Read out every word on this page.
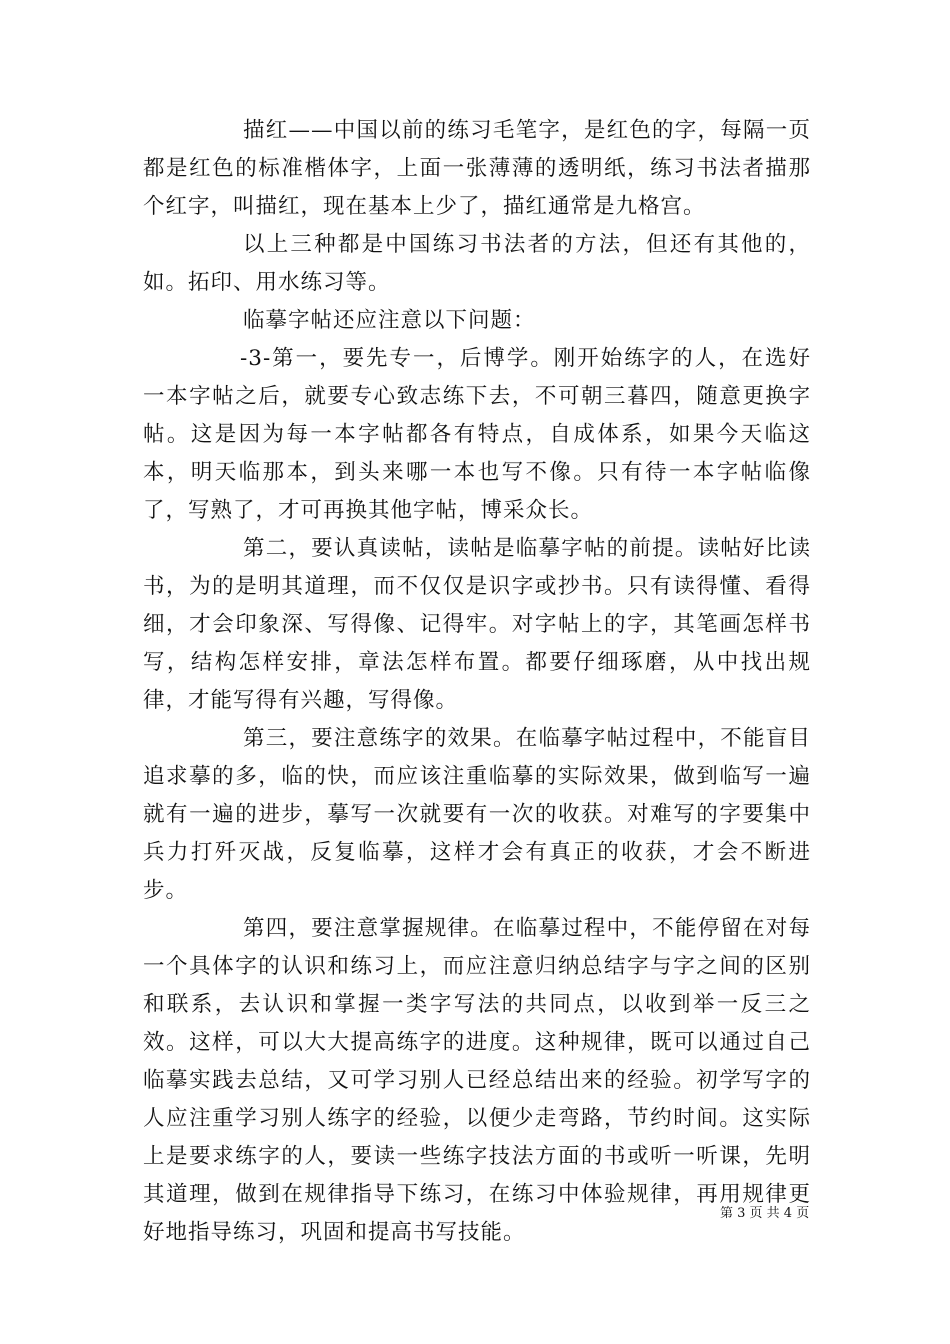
描红——中国以前的练习毛笔字，是红色的字，每隔一页都是红色的标准楷体字，上面一张薄薄的透明纸，练习书法者描那个红字，叫描红，现在基本上少了，描红通常是九格宫。

以上三种都是中国练习书法者的方法，但还有其他的，如。拓印、用水练习等。

临摹字帖还应注意以下问题：

-3-第一，要先专一，后博学。刚开始练字的人，在选好一本字帖之后，就要专心致志练下去，不可朝三暮四，随意更换字帖。这是因为每一本字帖都各有特点，自成体系，如果今天临这本，明天临那本，到头来哪一本也写不像。只有待一本字帖临像了，写熟了，才可再换其他字帖，博采众长。

第二，要认真读帖，读帖是临摹字帖的前提。读帖好比读书，为的是明其道理，而不仅仅是识字或抄书。只有读得懂、看得细，才会印象深、写得像、记得牢。对字帖上的字，其笔画怎样书写，结构怎样安排，章法怎样布置。都要仔细琢磨，从中找出规律，才能写得有兴趣，写得像。

第三，要注意练字的效果。在临摹字帖过程中，不能盲目追求摹的多，临的快，而应该注重临摹的实际效果，做到临写一遍就有一遍的进步，摹写一次就要有一次的收获。对难写的字要集中兵力打歼灭战，反复临摹，这样才会有真正的收获，才会不断进步。

第四，要注意掌握规律。在临摹过程中，不能停留在对每一个具体字的认识和练习上，而应注意归纳总结字与字之间的区别和联系，去认识和掌握一类字写法的共同点，以收到举一反三之效。这样，可以大大提高练字的进度。这种规律，既可以通过自己临摹实践去总结，又可学习别人已经总结出来的经验。初学写字的人应注重学习别人练字的经验，以便少走弯路，节约时间。这实际上是要求练字的人，要读一些练字技法方面的书或听一听课，先明其道理，做到在规律指导下练习，在练习中体验规律，再用规律更好地指导练习，巩固和提高书写技能。

第 3 页 共 4 页
